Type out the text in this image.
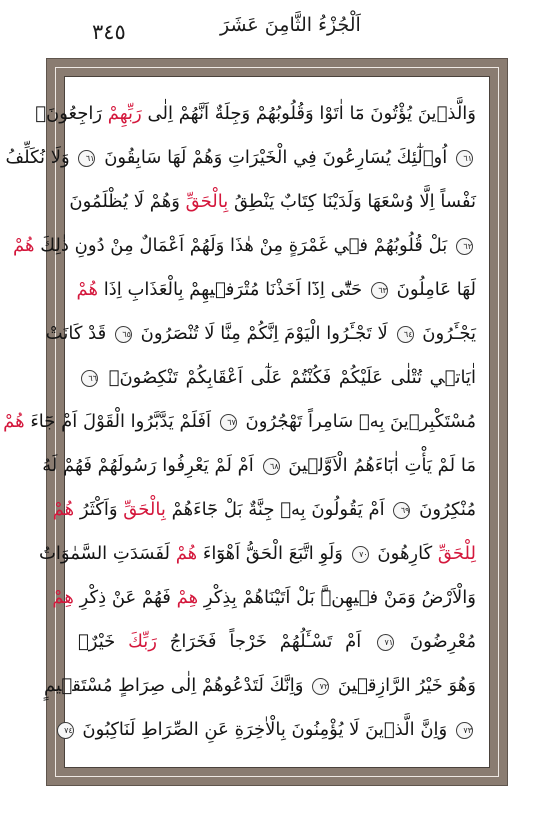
٣٤٥	اَلْجُزْءُ الثَّامِنَ عَشَرَ
وَالَّذ۪ينَ يُؤْتُونَ مَٓا اٰتَوْا وَقُلُوبُهُمْ وَجِلَةٌ اَنَّهُمْ اِلٰى رَبِّهِمْ رَاجِعُونَۙ
٦١ اُو۬لٰٓئِكَ يُسَارِعُونَ فِي الْخَيْرَاتِ وَهُمْ لَهَا سَابِقُونَ ٦١ وَلَا نُكَلِّفُ
نَفْساً اِلَّا وُسْعَهَا وَلَدَيْنَا كِتَابٌ يَنْطِقُ بِالْحَقِّ وَهُمْ لَا يُظْلَمُونَ
٦٢ بَلْ قُلُوبُهُمْ ف۪ي غَمْرَةٍ مِنْ هٰذَا وَلَهُمْ اَعْمَالٌ مِنْ دُونِ ذٰلِكَ هُمْ
لَهَا عَامِلُونَ ٦٣ حَتّٰٓى اِذَٓا اَخَذْنَا مُتْرَف۪يهِمْ بِالْعَذَابِ اِذَا هُمْ
يَجْـَٔرُونَ ٦٤ لَا تَجْـَٔرُوا الْيَوْمَ اِنَّكُمْ مِنَّا لَا تُنْصَرُونَ ٦٥ قَدْ كَانَتْ
اٰيَات۪ي تُتْلٰى عَلَيْكُمْ فَكُنْتُمْ عَلٰٓى اَعْقَابِكُمْ تَنْكِصُونَۙ ٦٦
مُسْتَكْبِر۪ينَ بِه۪ سَامِراً تَهْجُرُونَ ٦٧ اَفَلَمْ يَدَّبَّرُوا الْقَوْلَ اَمْ جَٓاءَ هُمْ
مَا لَمْ يَأْتِ اٰبَٓاءَهُمُ الْاَوَّل۪ينَ ٦٨ اَمْ لَمْ يَعْرِفُوا رَسُولَهُمْ فَهُمْ لَهُ
مُنْكِرُونَ ٦٩ اَمْ يَقُولُونَ بِه۪ جِنَّةٌ بَلْ جَٓاءَهُمْ بِالْحَقِّ وَاَكْثَرُ هُمْ
لِلْحَقِّ كَارِهُونَ ٧٠ وَلَوِ اتَّبَعَ الْحَقُّ اَهْوَٓاءَ هُمْ لَفَسَدَتِ السَّمٰوَاتُ
وَالْاَرْضُ وَمَنْ ف۪يهِنَّۜ بَلْ اَتَيْنَاهُمْ بِذِكْرِ هِمْ فَهُمْ عَنْ ذِكْرِ هِمْ
مُعْرِضُونَ ٧١ اَمْ تَسْـَٔلُهُمْ خَرْجاً فَخَرَاجُ رَبِّكَ خَيْرٌۗ
وَهُوَ خَيْرُ الرَّازِق۪ينَ ٧٢ وَاِنَّكَ لَتَدْعُوهُمْ اِلٰى صِرَاطٍ مُسْتَق۪يمٍ
٧٣ وَاِنَّ الَّذ۪ينَ لَا يُؤْمِنُونَ بِالْاٰخِرَةِ عَنِ الصِّرَاطِ لَنَاكِبُونَ ٧٤
